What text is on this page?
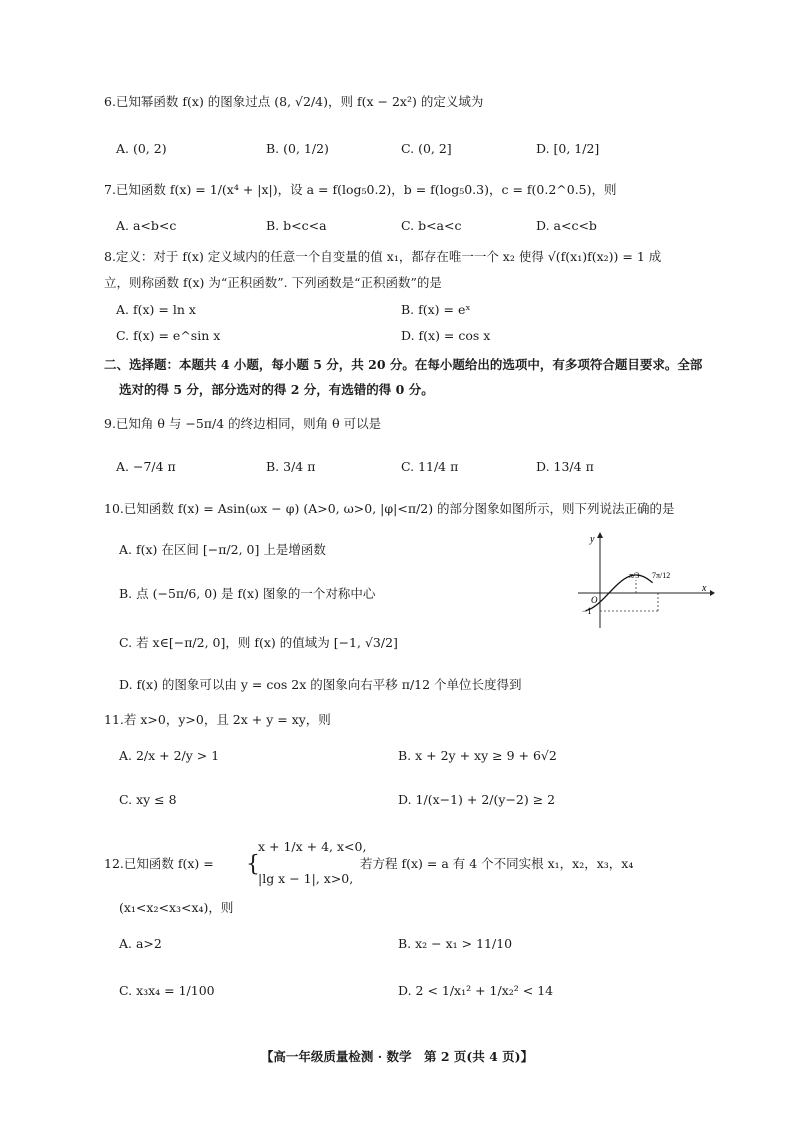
6.已知幂函数 f(x) 的图象过点 (8, √2/4)，则 f(x − 2x²) 的定义域为
A. (0, 2)	B. (0, 1/2)	C. (0, 2]	D. [0, 1/2]
7.已知函数 f(x) = 1/(x⁴ + |x|)，设 a = f(log₅0.2)，b = f(log₅0.3)，c = f(0.2^0.5)，则
A. a<b<c	B. b<c<a	C. b<a<c	D. a<c<b
8.定义：对于 f(x) 定义域内的任意一个自变量的值 x₁，都存在唯一一个 x₂ 使得 √(f(x₁)f(x₂)) = 1 成
立，则称函数 f(x) 为“正积函数”. 下列函数是“正积函数”的是
A. f(x) = ln x	B. f(x) = eˣ
C. f(x) = e^sin x	D. f(x) = cos x
二、选择题：本题共 4 小题，每小题 5 分，共 20 分。在每小题给出的选项中，有多项符合题目要求。全部
选对的得 5 分，部分选对的得 2 分，有选错的得 0 分。
9.已知角 θ 与 −5π/4 的终边相同，则角 θ 可以是
A. −7/4 π	B. 3/4 π	C. 11/4 π	D. 13/4 π
10.已知函数 f(x) = Asin(ωx − φ) (A>0, ω>0, |φ|<π/2) 的部分图象如图所示，则下列说法正确的是
A. f(x) 在区间 [−π/2, 0] 上是增函数
B. 点 (−5π/6, 0) 是 f(x) 图象的一个对称中心
C. 若 x∈[−π/2, 0]，则 f(x) 的值域为 [−1, √3/2]
D. f(x) 的图象可以由 y = cos 2x 的图象向右平移 π/12 个单位长度得到
y
x
O
π/3 7π/12
−1
11.若 x>0，y>0，且 2x + y = xy，则
A. 2/x + 2/y > 1	B. x + 2y + xy ≥ 9 + 6√2
C. xy ≤ 8	D. 1/(x−1) + 2/(y−2) ≥ 2
12.已知函数 f(x) = {
x + 1/x + 4, x<0,
|lg x − 1|, x>0,
若方程 f(x) = a 有 4 个不同实根 x₁，x₂，x₃，x₄
(x₁<x₂<x₃<x₄)，则
A. a>2	B. x₂ − x₁ > 11/10
C. x₃x₄ = 1/100	D. 2 < 1/x₁² + 1/x₂² < 14
【高一年级质量检测 · 数学　第 2 页(共 4 页)】
